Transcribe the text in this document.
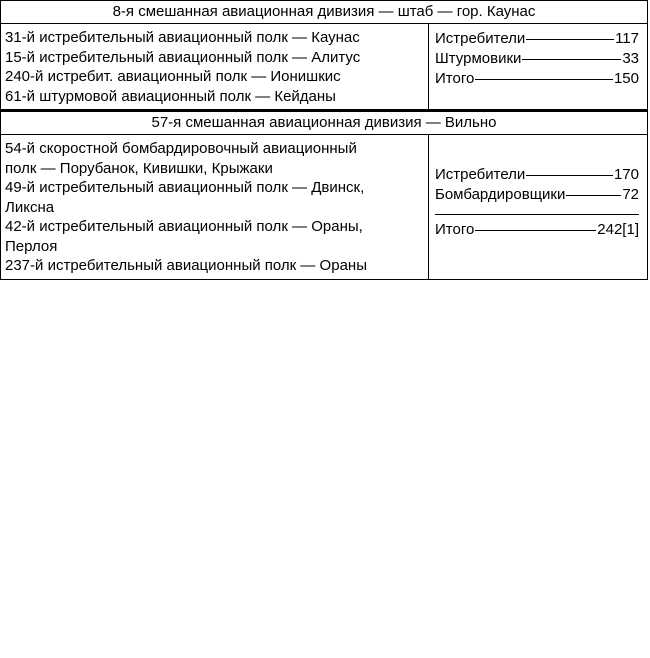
8-я смешанная авиационная дивизия — штаб — гор. Каунас
31-й истребительный авиационный полк — Каунас
15-й истребительный авиационный полк — Алитус
240-й истребит. авиационный полк — Ионишкис
61-й штурмовой авиационный полк — Кейданы
Истребители	117
Штурмовики	33
Итого	150
57-я смешанная авиационная дивизия — Вильно
54-й скоростной бомбардировочный авиационный
полк — Порубанок, Кивишки, Крыжаки
49-й истребительный авиационный полк — Двинск,
Ликсна
42-й истребительный авиационный полк — Ораны,
Перлоя
237-й истребительный авиационный полк — Ораны
Истребители	170
Бомбардировщики	72
Итого	242[1]
